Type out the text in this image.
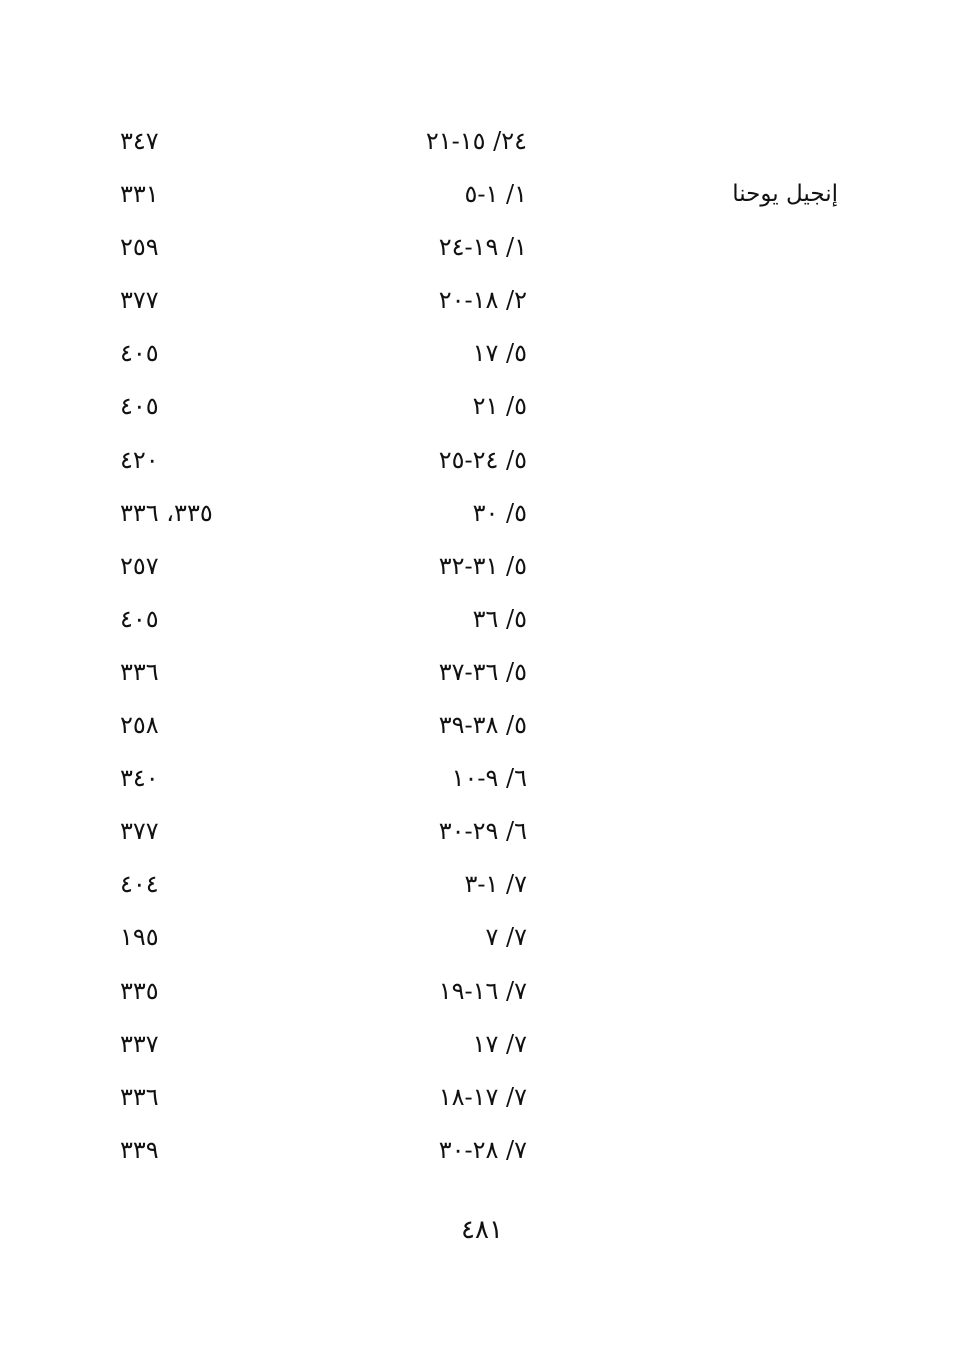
٢٤/ ١٥-٢١
٣٤٧
إنجيل يوحنا
١/ ١-٥
٣٣١
١/ ١٩-٢٤
٢٥٩
٢/ ١٨-٢٠
٣٧٧
٥/ ١٧
٤٠٥
٥/ ٢١
٤٠٥
٥/ ٢٤-٢٥
٤٢٠
٥/ ٣٠
٣٣٥، ٣٣٦
٥/ ٣١-٣٢
٢٥٧
٥/ ٣٦
٤٠٥
٥/ ٣٦-٣٧
٣٣٦
٥/ ٣٨-٣٩
٢٥٨
٦/ ٩-١٠
٣٤٠
٦/ ٢٩-٣٠
٣٧٧
٧/ ١-٣
٤٠٤
٧/ ٧
١٩٥
٧/ ١٦-١٩
٣٣٥
٧/ ١٧
٣٣٧
٧/ ١٧-١٨
٣٣٦
٧/ ٢٨-٣٠
٣٣٩
٤٨١
